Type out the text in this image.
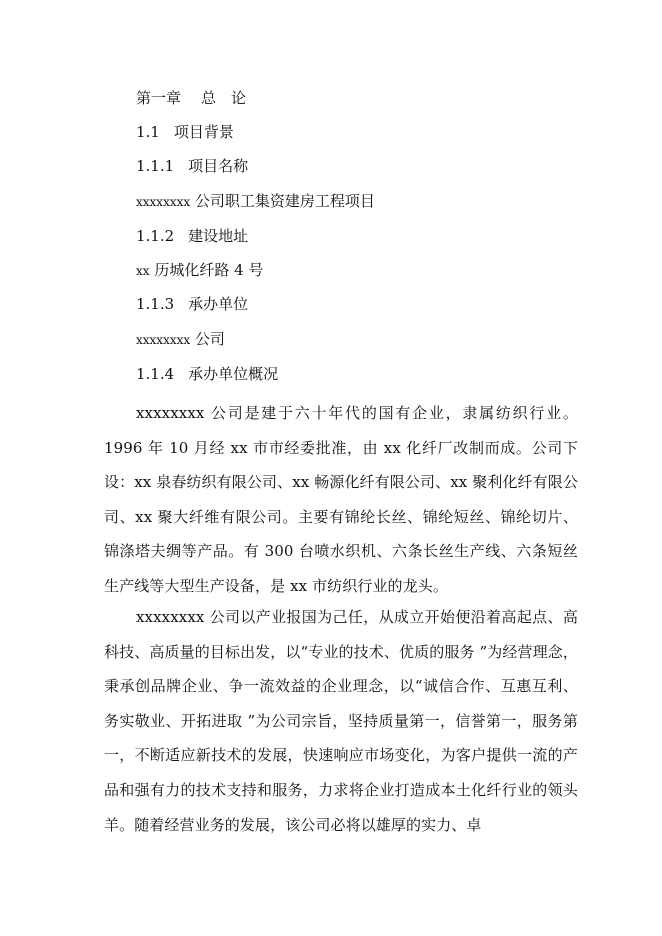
第一章 总　论
1.1 项目背景
1.1.1 项目名称
xxxxxxxx 公司职工集资建房工程项目
1.1.2 建设地址
xx 历城化纤路 4 号
1.1.3 承办单位
xxxxxxxx 公司
1.1.4 承办单位概况
xxxxxxxx 公司是建于六十年代的国有企业，隶属纺织行业。1996 年 10 月经 xx 市市经委批准，由 xx 化纤厂改制而成。公司下设：xx 泉春纺织有限公司、xx 畅源化纤有限公司、xx 聚利化纤有限公司、xx 聚大纤维有限公司。主要有锦纶长丝、锦纶短丝、锦纶切片、锦涤塔夫绸等产品。有 300 台喷水织机、六条长丝生产线、六条短丝生产线等大型生产设备，是 xx 市纺织行业的龙头。
xxxxxxxx 公司以产业报国为己任，从成立开始便沿着高起点、高科技、高质量的目标出发，以“专业的技术、优质的服务 ”为经营理念，秉承创品牌企业、争一流效益的企业理念，以“诚信合作、互惠互利、务实敬业、开拓进取 ”为公司宗旨，坚持质量第一，信誉第一，服务第一，不断适应新技术的发展，快速响应市场变化，为客户提供一流的产品和强有力的技术支持和服务，力求将企业打造成本土化纤行业的领头羊。随着经营业务的发展，该公司必将以雄厚的实力、卓
